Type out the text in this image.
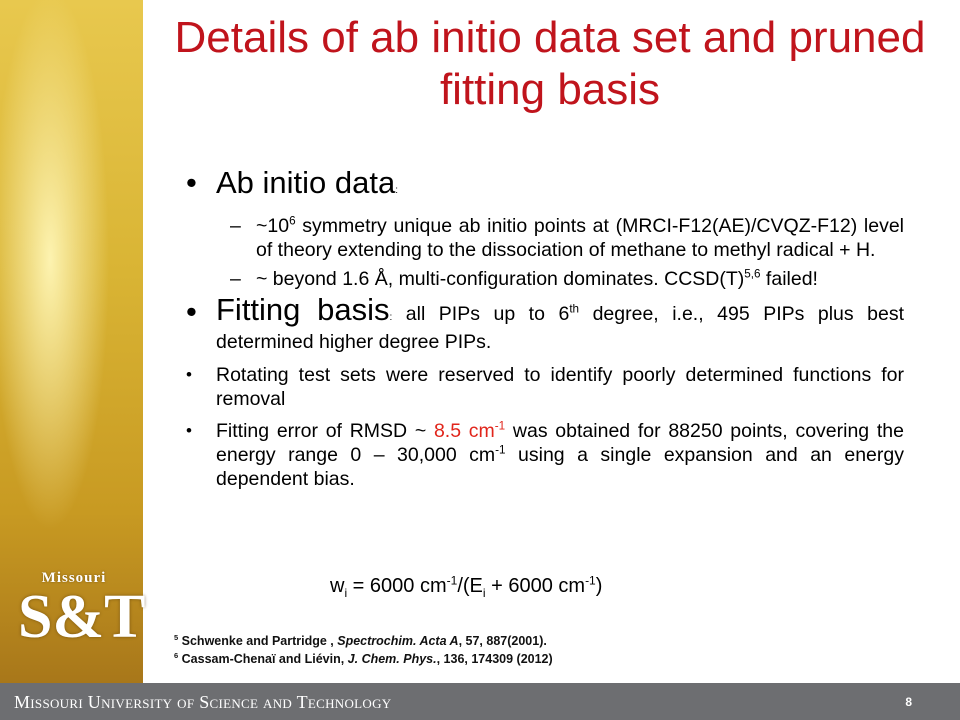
Missouri
S&T
Details of ab initio data set and pruned fitting basis
• Ab initio data:
– $\sim 10^6$ symmetry unique ab initio points at (MRCI-F12(AE)/CVQZ-F12) level of theory extending to the dissociation of methane to methyl radical + H.
– ~ beyond 1.6 Å, multi-configuration dominates. $CCSD(T)^{5,6}$ failed!
• Fitting basis: all PIPs up to 6th degree, i.e., 495 PIPs plus best determined higher degree PIPs.
• Rotating test sets were reserved to identify poorly determined functions for removal
• Fitting error of RMSD ~ 8.5 $cm^{-1}$ was obtained for 88250 points, covering the energy range 0 – 30,000 $cm^{-1}$ using a single expansion and an energy dependent bias.
$w_i = 6000$ $cm^{-1}/(E_i + 6000$ $cm^{-1}$)
$^5$ Schwenke and Partridge , Spectrochim. Acta A, 57, 887(2001).
$^6$ Cassam-Chenaï and Liévin, J. Chem. Phys., 136, 174309 (2012)
Missouri University of Science and Technology	8
